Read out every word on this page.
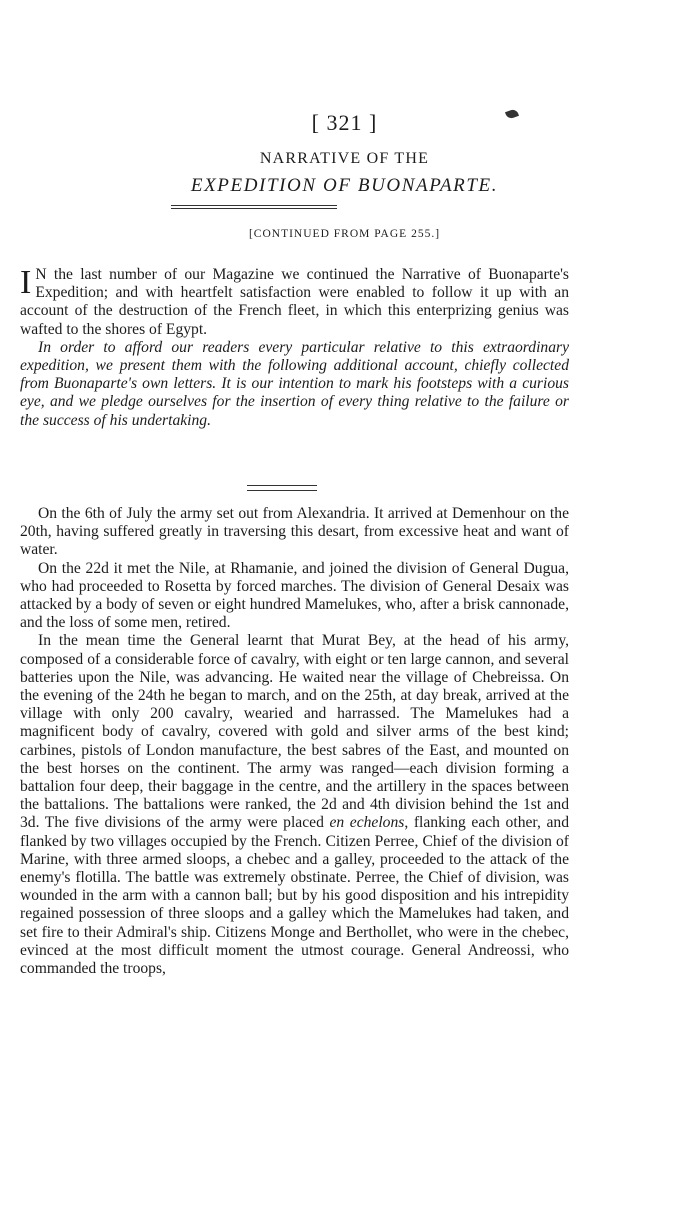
[ 321 ]
NARRATIVE OF THE
EXPEDITION OF BUONAPARTE.
[CONTINUED FROM PAGE 255.]

I N the last number of our Magazine we continued the Narrative of Buonaparte's Expedition; and with heartfelt satisfaction were enabled to follow it up with an account of the destruction of the French fleet, in which this enterprizing genius was wafted to the shores of Egypt.

In order to afford our readers every particular relative to this extraordinary expedition, we present them with the following additional account, chiefly collected from Buonaparte's own letters. It is our intention to mark his footsteps with a curious eye, and we pledge ourselves for the insertion of every thing relative to the failure or the success of his undertaking.

On the 6th of July the army set out from Alexandria. It arrived at Demenhour on the 20th, having suffered greatly in traversing this desart, from excessive heat and want of water.

On the 22d it met the Nile, at Rhamanie, and joined the division of General Dugua, who had proceeded to Rosetta by forced marches. The division of General Desaix was attacked by a body of seven or eight hundred Mamelukes, who, after a brisk cannonade, and the loss of some men, retired.

In the mean time the General learnt that Murat Bey, at the head of his army, composed of a considerable force of cavalry, with eight or ten large cannon, and several batteries upon the Nile, was advancing. He waited near the village of Chebreissa. On the evening of the 24th he began to march, and on the 25th, at day break, arrived at the village with only 200 cavalry, wearied and harrassed. The Mamelukes had a magnificent body of cavalry, covered with gold and silver arms of the best kind; carbines, pistols of London manufacture, the best sabres of the East, and mounted on the best horses on the continent. The army was ranged—each division forming a battalion four deep, their baggage in the centre, and the artillery in the spaces between the battalions. The battalions were ranked, the 2d and 4th division behind the 1st and 3d. The five divisions of the army were placed en echelons, flanking each other, and flanked by two villages occupied by the French. Citizen Perree, Chief of the division of Marine, with three armed sloops, a chebec and a galley, proceeded to the attack of the enemy's flotilla. The battle was extremely obstinate. Perree, the Chief of division, was wounded in the arm with a cannon ball; but by his good disposition and his intrepidity regained possession of three sloops and a galley which the Mamelukes had taken, and set fire to their Admiral's ship. Citizens Monge and Berthollet, who were in the chebec, evinced at the most difficult moment the utmost courage. General Andreossi, who commanded the troops,
